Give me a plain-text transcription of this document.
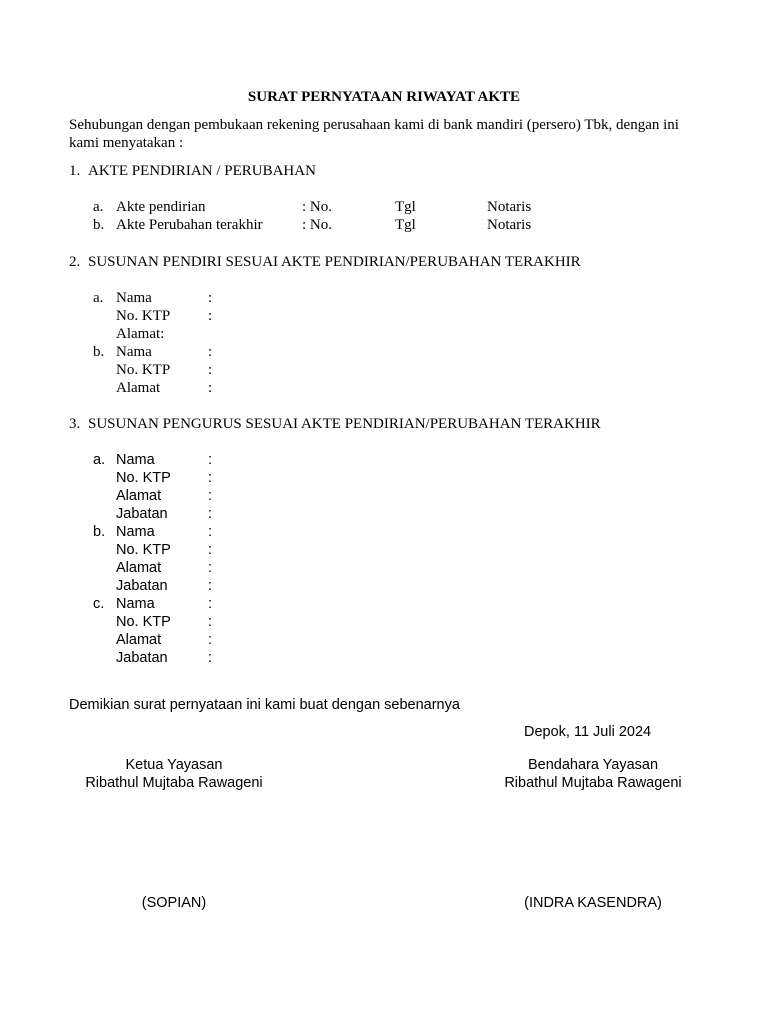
SURAT PERNYATAAN RIWAYAT AKTE
Sehubungan dengan pembukaan rekening perusahaan kami di bank mandiri (persero) Tbk, dengan ini kami menyatakan :
1. AKTE PENDIRIAN / PERUBAHAN
a. Akte pendirian	: No.	Tgl	Notaris
b. Akte Perubahan terakhir	: No.	Tgl	Notaris
2. SUSUNAN PENDIRI SESUAI AKTE PENDIRIAN/PERUBAHAN TERAKHIR
a. Nama	:
No. KTP	:
Alamat:
b. Nama	:
No. KTP	:
Alamat	:
3. SUSUNAN PENGURUS SESUAI AKTE PENDIRIAN/PERUBAHAN TERAKHIR
a. Nama	:
No. KTP	:
Alamat	:
Jabatan	:
b. Nama	:
No. KTP	:
Alamat	:
Jabatan	:
c. Nama	:
No. KTP	:
Alamat	:
Jabatan	:
Demikian surat pernyataan ini kami buat dengan sebenarnya
Depok, 11 Juli 2024
Ketua Yayasan
Ribathul Mujtaba Rawageni
(SOPIAN)
Bendahara Yayasan
Ribathul Mujtaba Rawageni
(INDRA KASENDRA)
